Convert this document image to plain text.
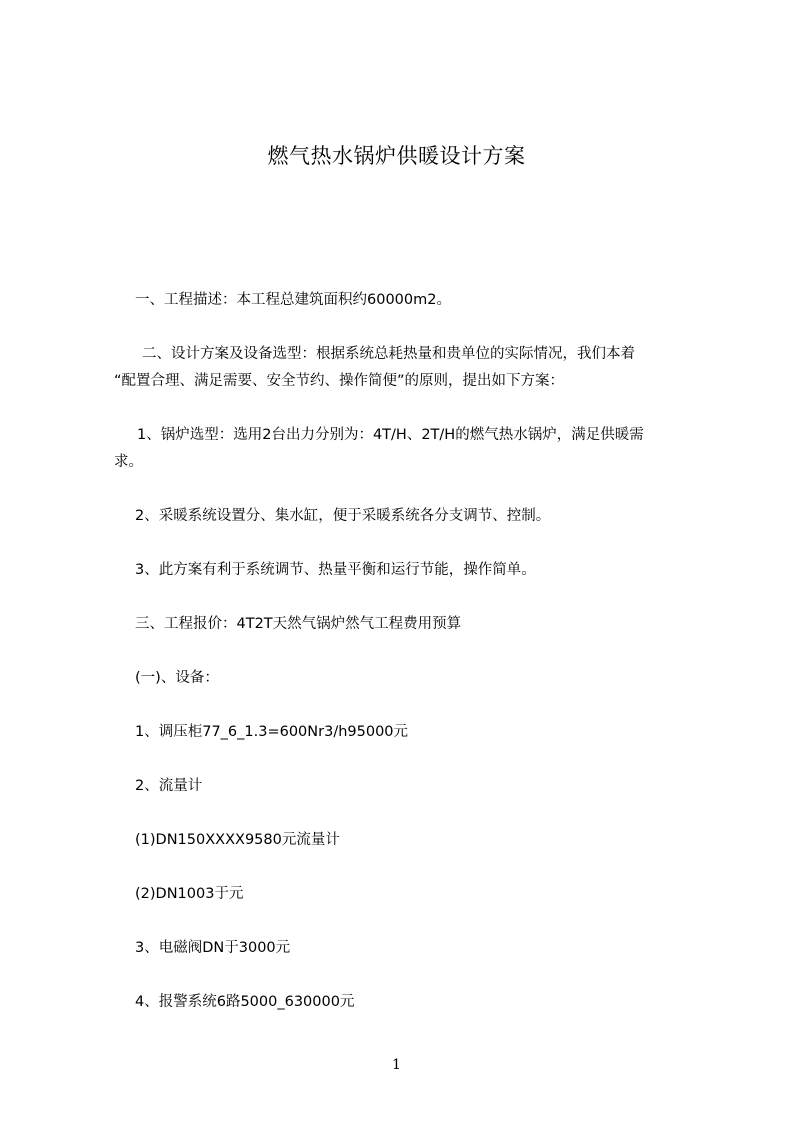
燃气热水锅炉供暖设计方案
一、工程描述：本工程总建筑面积约60000m2。
二、设计方案及设备选型：根据系统总耗热量和贵单位的实际情况，我们本着
“配置合理、满足需要、安全节约、操作简便”的原则，提出如下方案：
1、锅炉选型：选用2台出力分别为：4T/H、2T/H的燃气热水锅炉，满足供暖需
求。
2、采暖系统设置分、集水缸，便于采暖系统各分支调节、控制。
3、此方案有利于系统调节、热量平衡和运行节能，操作简单。
三、工程报价：4T2T天然气锅炉然气工程费用预算
(一)、设备：
1、调压柜77_6_1.3=600Nr3/h95000元
2、流量计
(1)DN150XXXX9580元流量计
(2)DN1003于元
3、电磁阀DN于3000元
4、报警系统6路5000_630000元
1
